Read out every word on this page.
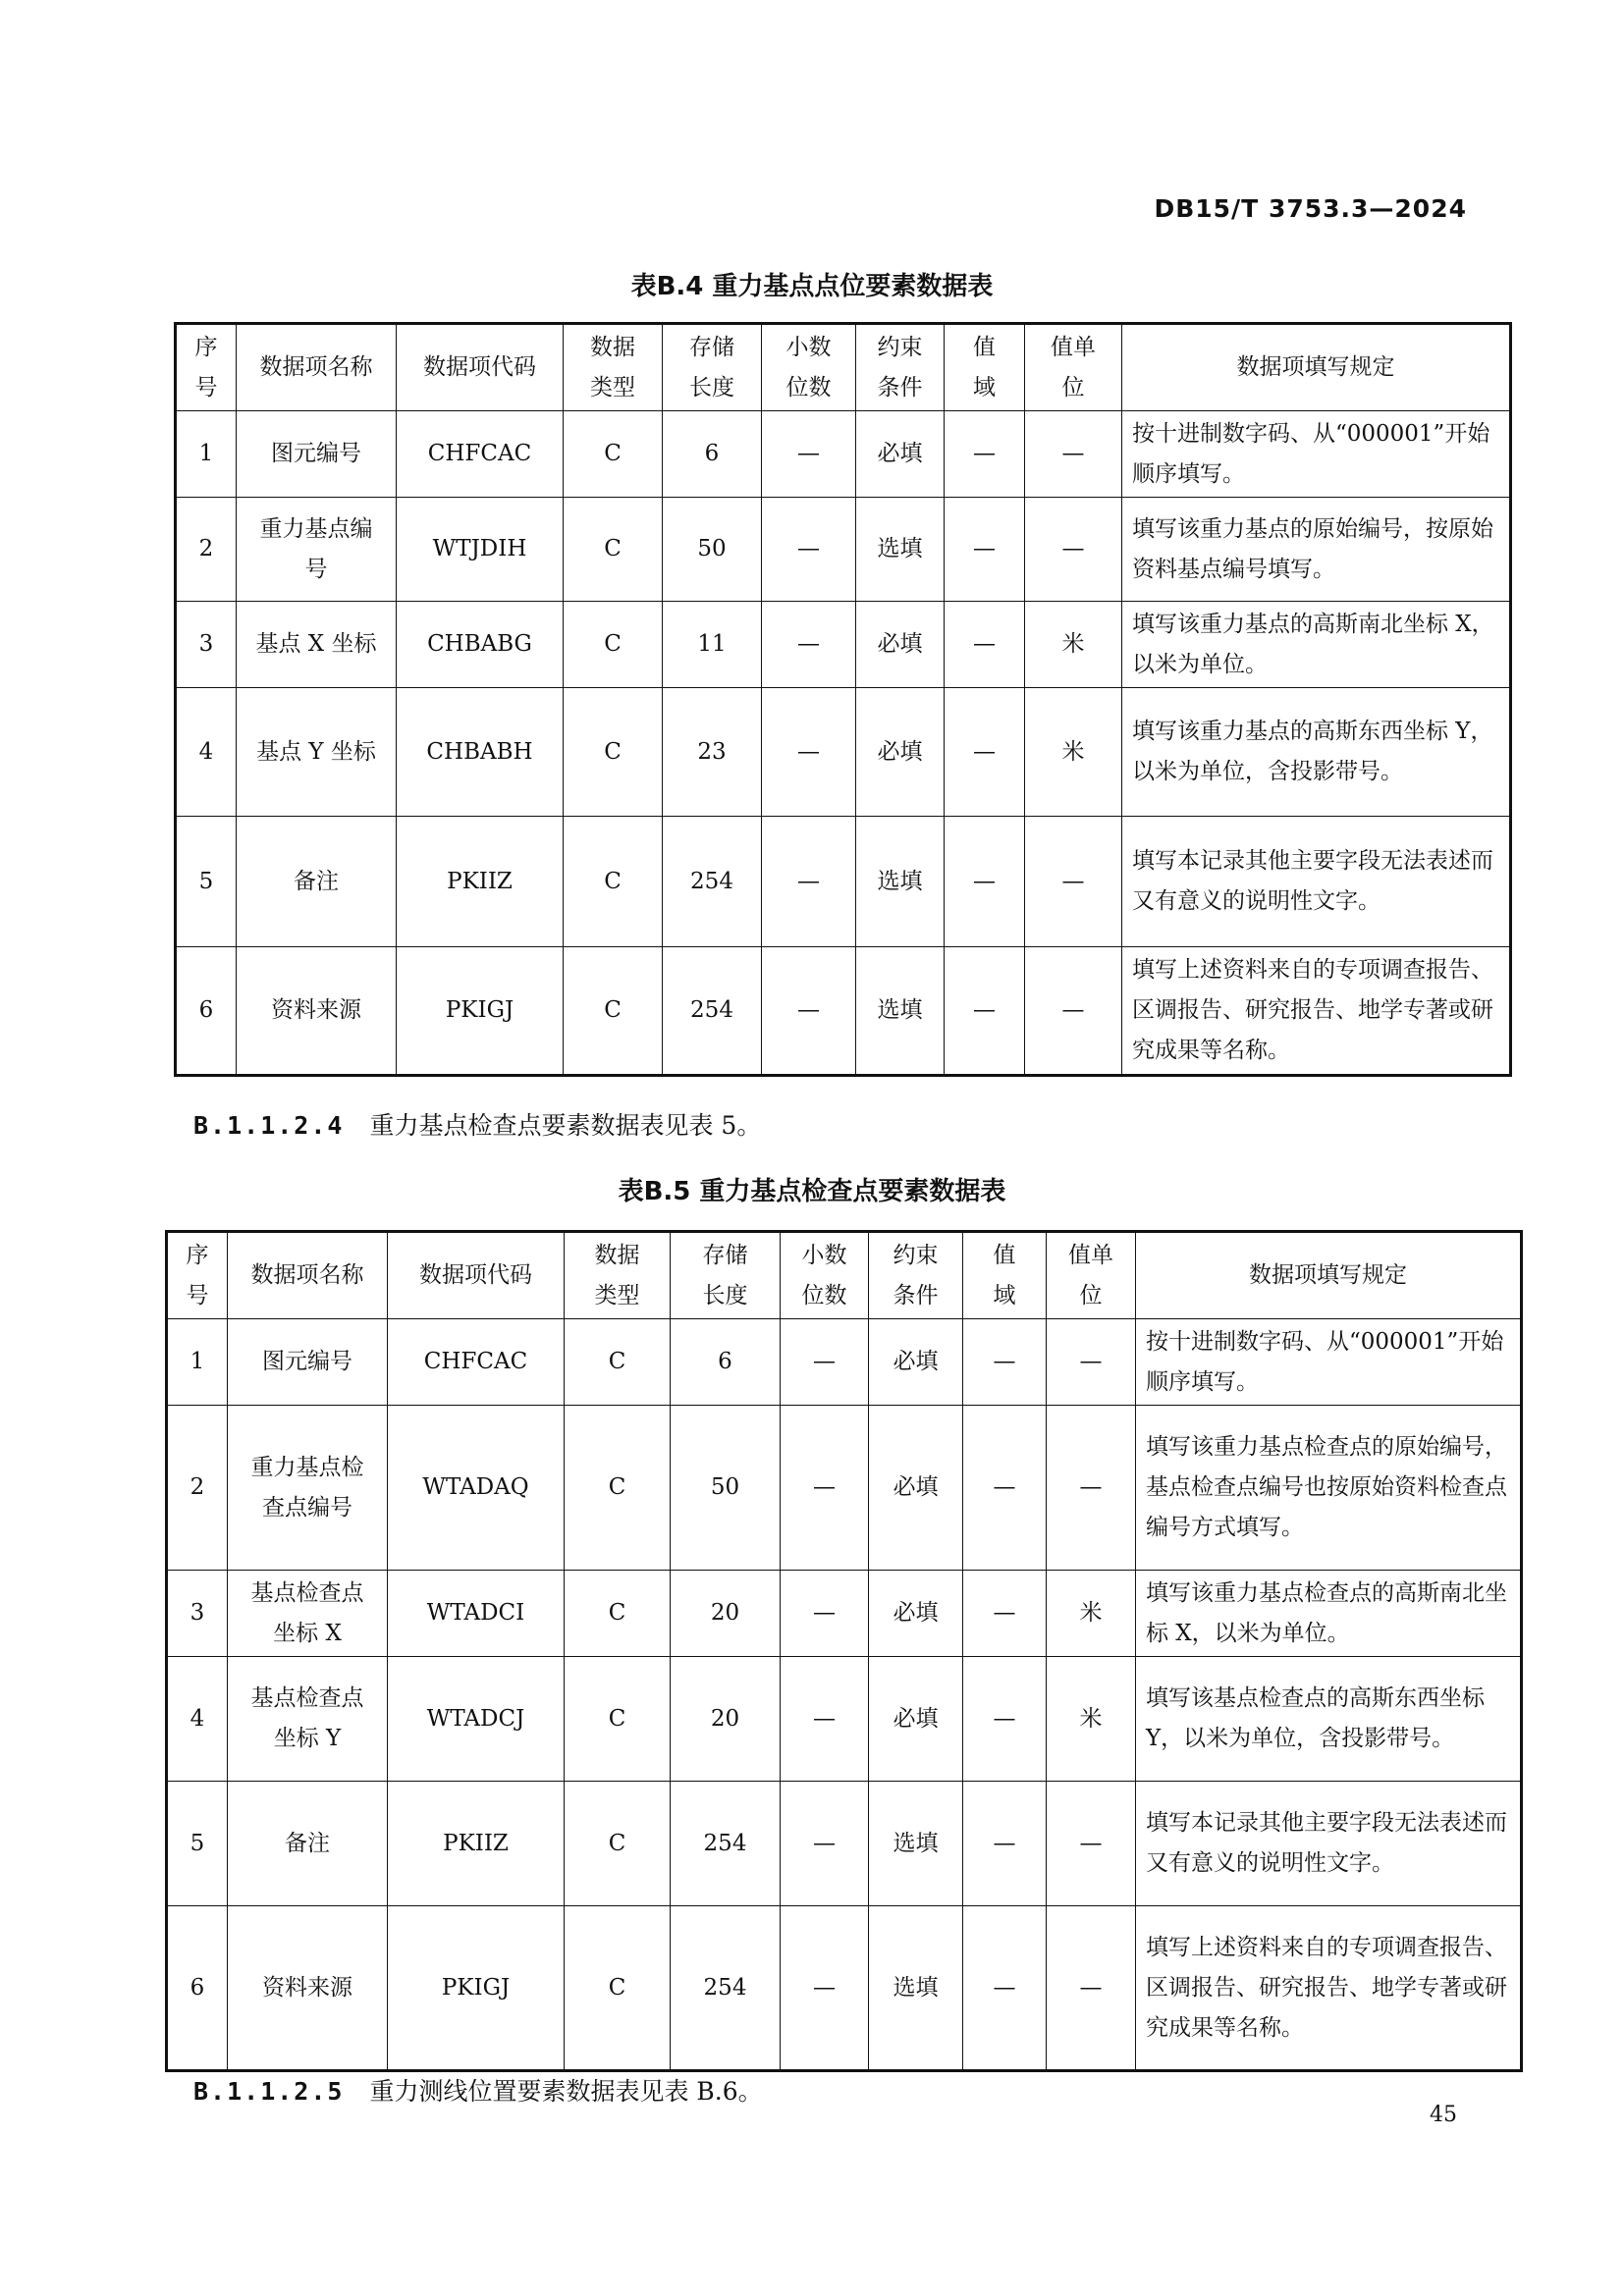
DB15/T 3753.3—2024
表B.4 重力基点点位要素数据表
序号	数据项名称	数据项代码	数据类型	存储长度	小数位数	约束条件	值域	值单位	数据项填写规定
1	图元编号	CHFCAC	C	6	—	必填	—	—	按十进制数字码、从“000001”开始顺序填写。
2	重力基点编号	WTJDIH	C	50	—	选填	—	—	填写该重力基点的原始编号，按原始资料基点编号填写。
3	基点 X 坐标	CHBABG	C	11	—	必填	—	米	填写该重力基点的高斯南北坐标 X，以米为单位。
4	基点 Y 坐标	CHBABH	C	23	—	必填	—	米	填写该重力基点的高斯东西坐标 Y，以米为单位，含投影带号。
5	备注	PKIIZ	C	254	—	选填	—	—	填写本记录其他主要字段无法表述而又有意义的说明性文字。
6	资料来源	PKIGJ	C	254	—	选填	—	—	填写上述资料来自的专项调查报告、区调报告、研究报告、地学专著或研究成果等名称。
B.1.1.2.4 重力基点检查点要素数据表见表 5。
表B.5 重力基点检查点要素数据表
序号	数据项名称	数据项代码	数据类型	存储长度	小数位数	约束条件	值域	值单位	数据项填写规定
1	图元编号	CHFCAC	C	6	—	必填	—	—	按十进制数字码、从“000001”开始顺序填写。
2	重力基点检查点编号	WTADAQ	C	50	—	必填	—	—	填写该重力基点检查点的原始编号，基点检查点编号也按原始资料检查点编号方式填写。
3	基点检查点坐标 X	WTADCI	C	20	—	必填	—	米	填写该重力基点检查点的高斯南北坐标 X，以米为单位。
4	基点检查点坐标 Y	WTADCJ	C	20	—	必填	—	米	填写该基点检查点的高斯东西坐标 Y，以米为单位，含投影带号。
5	备注	PKIIZ	C	254	—	选填	—	—	填写本记录其他主要字段无法表述而又有意义的说明性文字。
6	资料来源	PKIGJ	C	254	—	选填	—	—	填写上述资料来自的专项调查报告、区调报告、研究报告、地学专著或研究成果等名称。
B.1.1.2.5 重力测线位置要素数据表见表 B.6。
45
